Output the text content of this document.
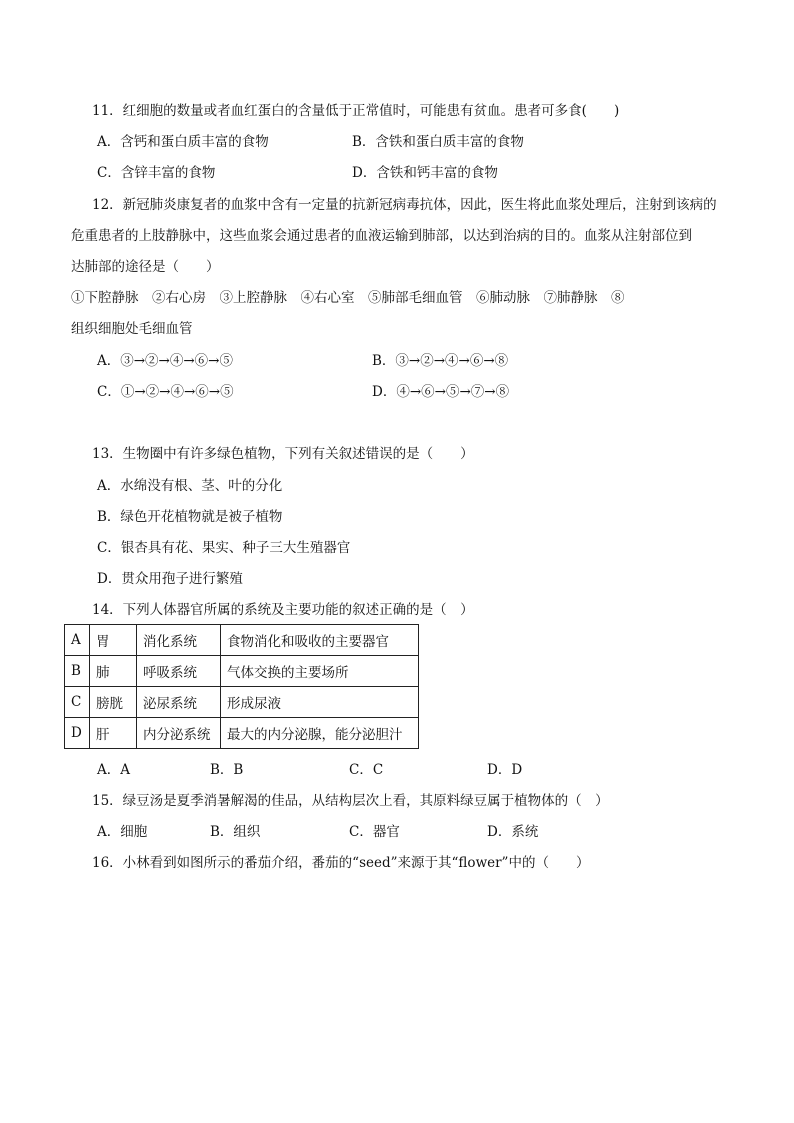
11．红细胞的数量或者血红蛋白的含量低于正常值时，可能患有贫血。患者可多食(　　)
A．含钙和蛋白质丰富的食物	B．含铁和蛋白质丰富的食物
C．含锌丰富的食物	D．含铁和钙丰富的食物
12．新冠肺炎康复者的血浆中含有一定量的抗新冠病毒抗体，因此，医生将此血浆处理后，注射到该病的
危重患者的上肢静脉中，这些血浆会通过患者的血液运输到肺部，以达到治病的目的。血浆从注射部位到
达肺部的途径是（　　）
①下腔静脉　②右心房　③上腔静脉　④右心室　⑤肺部毛细血管　⑥肺动脉　⑦肺静脉　⑧
组织细胞处毛细血管
A．③→②→④→⑥→⑤	B．③→②→④→⑥→⑧
C．①→②→④→⑥→⑤	D．④→⑥→⑤→⑦→⑧
13．生物圈中有许多绿色植物，下列有关叙述错误的是（　　）
A．水绵没有根、茎、叶的分化
B．绿色开花植物就是被子植物
C．银杏具有花、果实、种子三大生殖器官
D．贯众用孢子进行繁殖
14．下列人体器官所属的系统及主要功能的叙述正确的是（　）
A	胃	消化系统	食物消化和吸收的主要器官
B	肺	呼吸系统	气体交换的主要场所
C	膀胱	泌尿系统	形成尿液
D	肝	内分泌系统	最大的内分泌腺，能分泌胆汁
A．A	B．B	C．C	D．D
15．绿豆汤是夏季消暑解渴的佳品，从结构层次上看，其原料绿豆属于植物体的（　）
A．细胞	B．组织	C．器官	D．系统
16．小林看到如图所示的番茄介绍，番茄的“seed”来源于其“flower”中的（　　）
